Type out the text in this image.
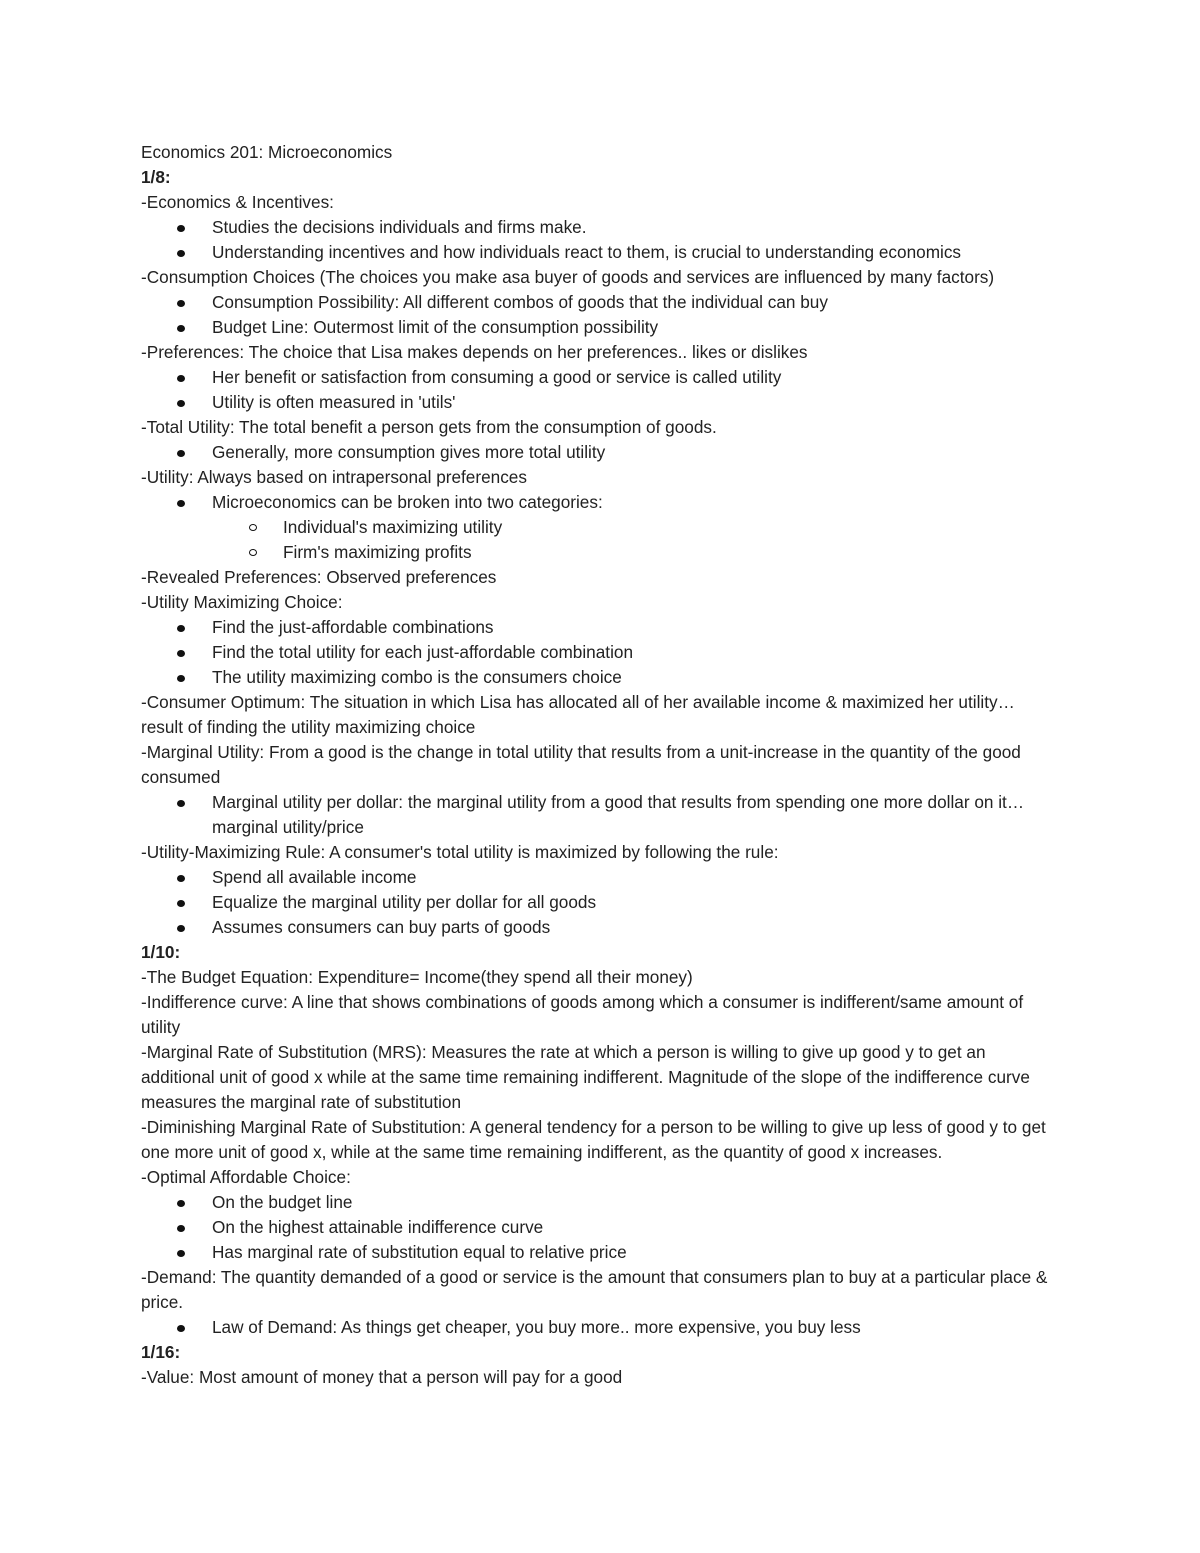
Economics 201: Microeconomics

1/8:

-Economics & Incentives:

Studies the decisions individuals and firms make.
Understanding incentives and how individuals react to them, is crucial to understanding economics

-Consumption Choices (The choices you make asa buyer of goods and services are influenced by many factors)

Consumption Possibility: All different combos of goods that the individual can buy
Budget Line: Outermost limit of the consumption possibility

-Preferences: The choice that Lisa makes depends on her preferences.. likes or dislikes

Her benefit or satisfaction from consuming a good or service is called utility
Utility is often measured in 'utils'

-Total Utility: The total benefit a person gets from the consumption of goods.

Generally, more consumption gives more total utility

-Utility: Always based on intrapersonal preferences

Microeconomics can be broken into two categories:
Individual's maximizing utility
Firm's maximizing profits

-Revealed Preferences: Observed preferences

-Utility Maximizing Choice:

Find the just-affordable combinations
Find the total utility for each just-affordable combination
The utility maximizing combo is the consumers choice

-Consumer Optimum: The situation in which Lisa has allocated all of her available income & maximized her utility… result of finding the utility maximizing choice

-Marginal Utility: From a good is the change in total utility that results from a unit-increase in the quantity of the good consumed

Marginal utility per dollar: the marginal utility from a good that results from spending one more dollar on it… marginal utility/price

-Utility-Maximizing Rule: A consumer's total utility is maximized by following the rule:

Spend all available income
Equalize the marginal utility per dollar for all goods
Assumes consumers can buy parts of goods

1/10:

-The Budget Equation: Expenditure= Income(they spend all their money)

-Indifference curve: A line that shows combinations of goods among which a consumer is indifferent/same amount of utility

-Marginal Rate of Substitution (MRS): Measures the rate at which a person is willing to give up good y to get an additional unit of good x while at the same time remaining indifferent. Magnitude of the slope of the indifference curve measures the marginal rate of substitution

-Diminishing Marginal Rate of Substitution: A general tendency for a person to be willing to give up less of good y to get one more unit of good x, while at the same time remaining indifferent, as the quantity of good x increases.

-Optimal Affordable Choice:

On the budget line
On the highest attainable indifference curve
Has marginal rate of substitution equal to relative price

-Demand: The quantity demanded of a good or service is the amount that consumers plan to buy at a particular place & price.

Law of Demand: As things get cheaper, you buy more.. more expensive, you buy less

1/16:

-Value: Most amount of money that a person will pay for a good
